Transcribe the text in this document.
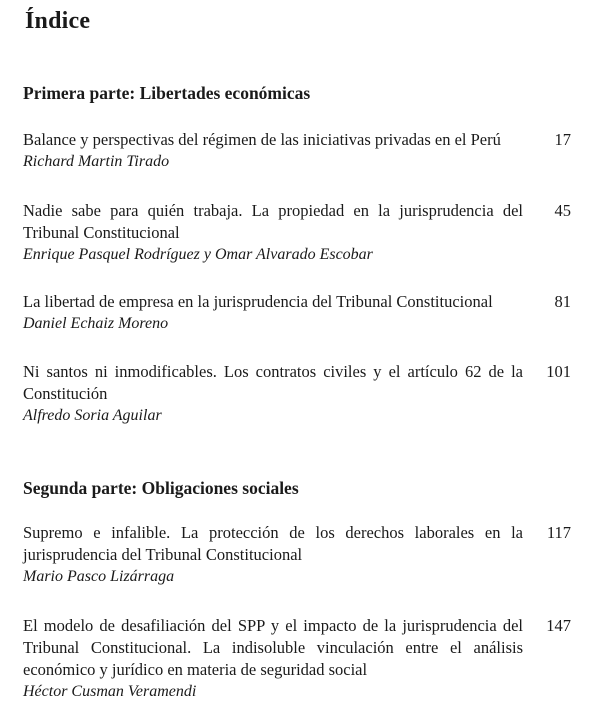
Índice
Primera parte: Libertades económicas
Balance y perspectivas del régimen de las iniciativas privadas en el Perú
Richard Martin Tirado
17
Nadie sabe para quién trabaja. La propiedad en la jurisprudencia del Tribunal Constitucional
Enrique Pasquel Rodríguez y Omar Alvarado Escobar
45
La libertad de empresa en la jurisprudencia del Tribunal Constitucional
Daniel Echaiz Moreno
81
Ni santos ni inmodificables. Los contratos civiles y el artículo 62 de la Constitución
Alfredo Soria Aguilar
101
Segunda parte: Obligaciones sociales
Supremo e infalible. La protección de los derechos laborales en la jurisprudencia del Tribunal Constitucional
Mario Pasco Lizárraga
117
El modelo de desafiliación del SPP y el impacto de la jurisprudencia del Tribunal Constitucional. La indisoluble vinculación entre el análisis económico y jurídico en materia de seguridad social
Héctor Cusman Veramendi
147
